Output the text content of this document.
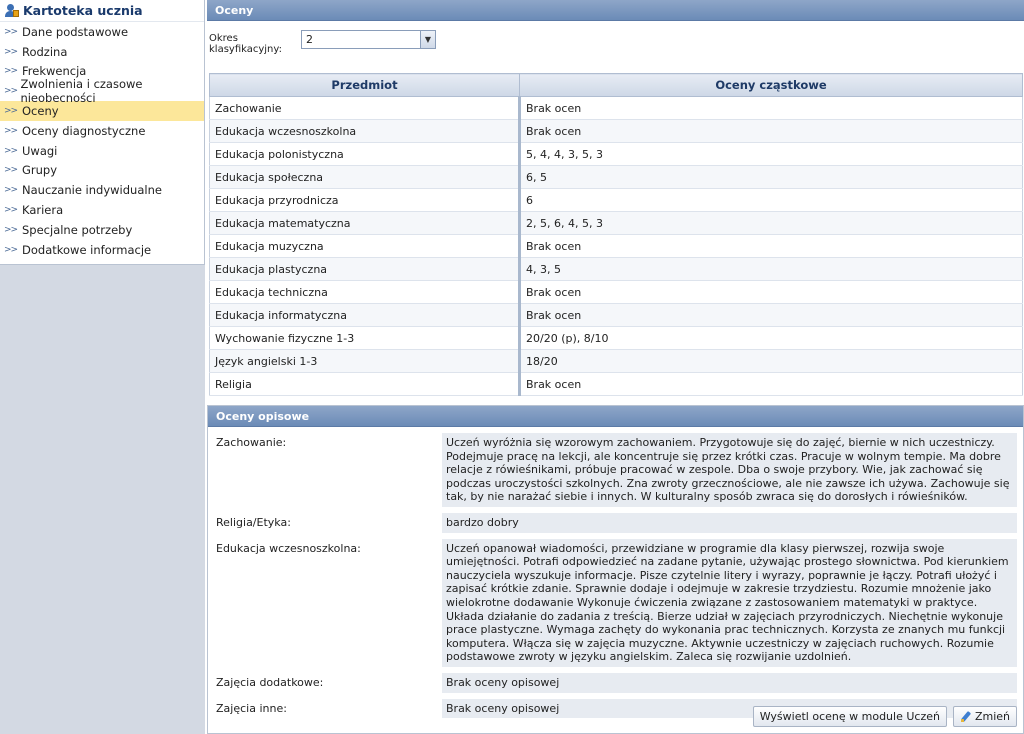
Kartoteka ucznia
>> Dane podstawowe
>> Rodzina
>> Frekwencja
>> Zwolnienia i czasowe nieobecności
>> Oceny
>> Oceny diagnostyczne
>> Uwagi
>> Grupy
>> Nauczanie indywidualne
>> Kariera
>> Specjalne potrzeby
>> Dodatkowe informacje
Oceny
Okres klasyfikacyjny:
2	▼
Przedmiot	Oceny cząstkowe
Zachowanie	Brak ocen
Edukacja wczesnoszkolna	Brak ocen
Edukacja polonistyczna	5, 4, 4, 3, 5, 3
Edukacja społeczna	6, 5
Edukacja przyrodnicza	6
Edukacja matematyczna	2, 5, 6, 4, 5, 3
Edukacja muzyczna	Brak ocen
Edukacja plastyczna	4, 3, 5
Edukacja techniczna	Brak ocen
Edukacja informatyczna	Brak ocen
Wychowanie fizyczne 1-3	20/20 (p), 8/10
Język angielski 1-3	18/20
Religia	Brak ocen
Oceny opisowe
Zachowanie:	Uczeń wyróżnia się wzorowym zachowaniem. Przygotowuje się do zajęć, biernie w nich uczestniczy. Podejmuje pracę na lekcji, ale koncentruje się przez krótki czas. Pracuje w wolnym tempie. Ma dobre relacje z rówieśnikami, próbuje pracować w zespole. Dba o swoje przybory. Wie, jak zachować się podczas uroczystości szkolnych. Zna zwroty grzecznościowe, ale nie zawsze ich używa. Zachowuje się tak, by nie narażać siebie i innych. W kulturalny sposób zwraca się do dorosłych i rówieśników.
Religia/Etyka:	bardzo dobry
Edukacja wczesnoszkolna:	Uczeń opanował wiadomości, przewidziane w programie dla klasy pierwszej, rozwija swoje umiejętności. Potrafi odpowiedzieć na zadane pytanie, używając prostego słownictwa. Pod kierunkiem nauczyciela wyszukuje informacje. Pisze czytelnie litery i wyrazy, poprawnie je łączy. Potrafi ułożyć i zapisać krótkie zdanie. Sprawnie dodaje i odejmuje w zakresie trzydziestu. Rozumie mnożenie jako wielokrotne dodawanie Wykonuje ćwiczenia związane z zastosowaniem matematyki w praktyce. Układa działanie do zadania z treścią. Bierze udział w zajęciach przyrodniczych. Niechętnie wykonuje prace plastyczne. Wymaga zachęty do wykonania prac technicznych. Korzysta ze znanych mu funkcji komputera. Włącza się w zajęcia muzyczne. Aktywnie uczestniczy w zajęciach ruchowych. Rozumie podstawowe zwroty w języku angielskim. Zaleca się rozwijanie uzdolnień.
Zajęcia dodatkowe:	Brak oceny opisowej
Zajęcia inne:	Brak oceny opisowej
Wyświetl ocenę w module Uczeń	Zmień
